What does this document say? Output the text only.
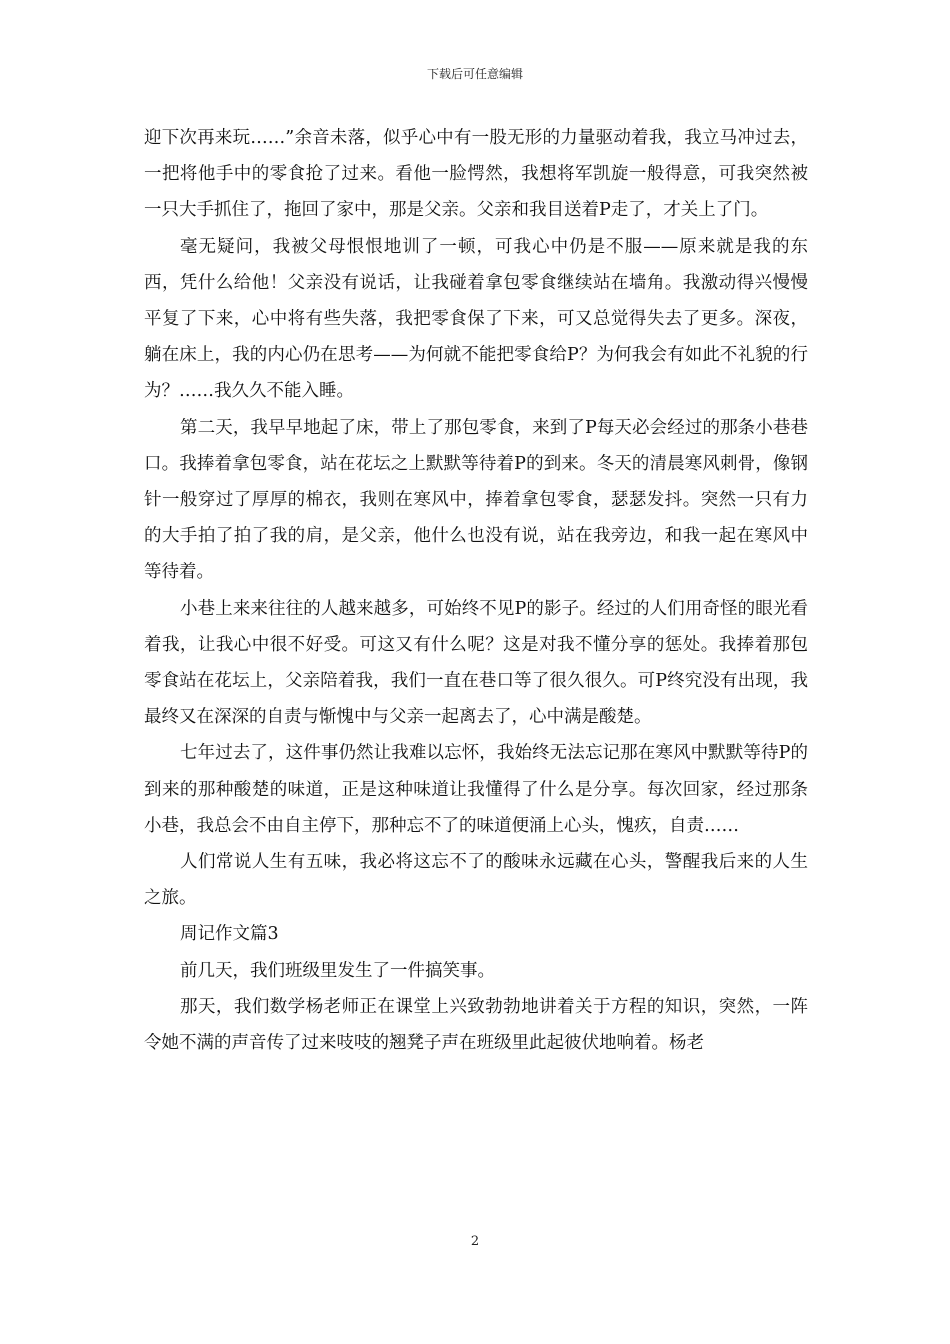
下载后可任意编辑

迎下次再来玩……”余音未落，似乎心中有一股无形的力量驱动着我，我立马冲过去，一把将他手中的零食抢了过来。看他一脸愕然，我想将军凯旋一般得意，可我突然被一只大手抓住了，拖回了家中，那是父亲。父亲和我目送着P走了，才关上了门。

毫无疑问，我被父母恨恨地训了一顿，可我心中仍是不服——原来就是我的东西，凭什么给他！父亲没有说话，让我碰着拿包零食继续站在墙角。我激动得兴慢慢平复了下来，心中将有些失落，我把零食保了下来，可又总觉得失去了更多。深夜，躺在床上，我的内心仍在思考——为何就不能把零食给P？为何我会有如此不礼貌的行为？……我久久不能入睡。

第二天，我早早地起了床，带上了那包零食，来到了P每天必会经过的那条小巷巷口。我捧着拿包零食，站在花坛之上默默等待着P的到来。冬天的清晨寒风刺骨，像钢针一般穿过了厚厚的棉衣，我则在寒风中，捧着拿包零食，瑟瑟发抖。突然一只有力的大手拍了拍了我的肩，是父亲，他什么也没有说，站在我旁边，和我一起在寒风中等待着。

小巷上来来往往的人越来越多，可始终不见P的影子。经过的人们用奇怪的眼光看着我，让我心中很不好受。可这又有什么呢？这是对我不懂分享的惩处。我捧着那包零食站在花坛上，父亲陪着我，我们一直在巷口等了很久很久。可P终究没有出现，我最终又在深深的自责与惭愧中与父亲一起离去了，心中满是酸楚。

七年过去了，这件事仍然让我难以忘怀，我始终无法忘记那在寒风中默默等待P的到来的那种酸楚的味道，正是这种味道让我懂得了什么是分享。每次回家，经过那条小巷，我总会不由自主停下，那种忘不了的味道便涌上心头，愧疚，自责……

人们常说人生有五味，我必将这忘不了的酸味永远藏在心头，警醒我后来的人生之旅。

周记作文篇3

前几天，我们班级里发生了一件搞笑事。

那天，我们数学杨老师正在课堂上兴致勃勃地讲着关于方程的知识，突然，一阵令她不满的声音传了过来吱吱的翘凳子声在班级里此起彼伏地响着。杨老

2
